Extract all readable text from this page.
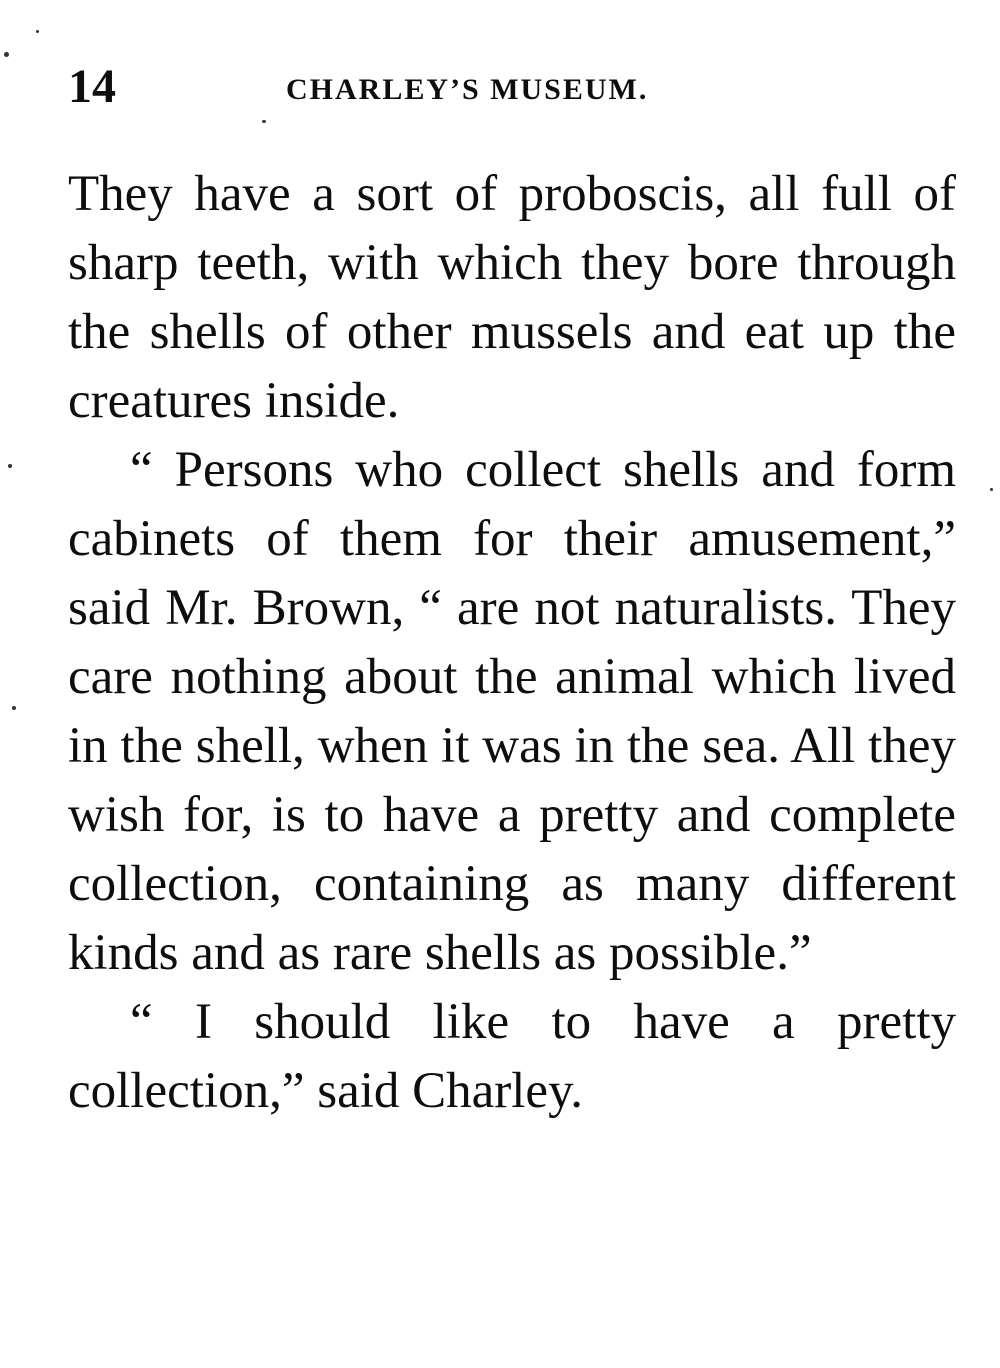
14	CHARLEY’S MUSEUM.

They have a sort of proboscis, all full of sharp teeth, with which they bore through the shells of other mussels and eat up the creatures inside.

“ Persons who collect shells and form cabinets of them for their amusement,” said Mr. Brown, “ are not naturalists. They care nothing about the animal which lived in the shell, when it was in the sea. All they wish for, is to have a pretty and complete collection, containing as many different kinds and as rare shells as possible.”

“ I should like to have a pretty collection,” said Charley.
